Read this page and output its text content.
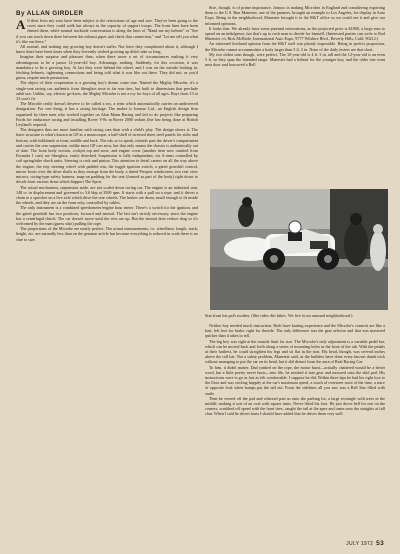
By ALLAN GIRDLER

All their lives my sons have been subject to the restrictions of age and size. They've been going to the races since they could walk but always in the capacity of support troops. The front lines have been denied them, while normal trackside conversation is along the lines of "Hand me my helmet" or "See if you can reach down there between the exhaust pipes and check that connection," and "Let me tell you what it's like out there."

All normal, and nothing any growing boy doesn't suffer. Nor have they complained about it, although I know there have been times when they fervently wished growing up didn't take so long.

Imagine their surprise and pleasure then, when there arose a set of circumstances making it very advantageous to be a junior 12-year-old boy. Advantage, nothing. Suddenly, for this occasion, it was mandatory to be a growing boy. At last they were behind the wheel, and I was on the outside looking in, fetching helmets, tightening connections and being told what it was like out there. They did not, as you'd guess, require much persuasion.

The object of their cooperation is a growing boy's dream come true. Named the Mighty Microbe, it's a single-seat racing car, authentic from fiberglass nose to fat rear tires, but built to dimensions that preclude adult use. Unlike, say, electric go-karts, the Mighty Microbe is not a toy for boys of all ages. Boys from 13 to 33 won't fit.

The Microbe really doesn't deserve to be called a toy, a term which automatically carries an undeserved denigration. For one thing, it has a racing heritage. The maker is Jomoro Ltd., an English design firm organized by three men who worked together on Alan Mann Racing and left to do projects like preparing Fords for endurance racing and installing Rover V-8s in Rover 2000 sedans (the last being done at British Leyland's request).

The designers thus are more familiar with racing cars than with a child's play. The design shows it. The basic structure is what's known in GP as a monocoque, a half-shell of stressed sheet steel panels for sides and bottom, with bulkheads at front, middle and back. The tub, so to speak, extends past the driver's compartment and carries the rear suspension, unlike most GP cars now, but that only means the chassis is authentically out of date. The front body section, cockpit top and nose, and engine cover (another item now omitted from Formula 1 cars) are fiberglass, easily detached. Suspension is fully independent, via A-arms controlled by coil spring/tube shock units. Steering is rack and pinion. This attention to detail carries on all the way above the engine: the tiny steering wheel with padded rim, the toggle ignition switch, a gated gearshift control, mirror boots over the drive shafts as they emerge from the body, a tinted Perspex windscreen, two rear view mirrors, racing-type safety harness; snap-on padding for the seat (formed as part of the body) right down to decals from various firms which Support The Sport.

The actual mechanism, suspension aside, are not scaled down racing car. The engine is an industrial unit, 148 cc in displacement and governed to 3.6 bhp at 3500 rpm. It starts with a pull on a rope, and it drives a chain to a sprocket on a live axle which drive the rear wheels. The brakes are drum, small enough to fit inside the wheels, and they are on the front only, controlled by cables.

The only instrument is a combined speedometer/engine hour meter. There's a switch for the ignition, and the gated gearshift has two positions, forward and neutral. The last isn't strictly necessary, since the engine has a centrifugal clutch. The car doesn't move until the revs are up. But the neutral does reduce drag so it's welcomed by the man (guess who) pulling the rope.

The proportions of the Microbe are nearly perfect. The actual measurements, i.e. wheelbase, length, track, height, etc. are naturally less than on the genuine article but because everything is reduced in scale there is no clue to size.

Size, though, is of prime importance. Jomoro is making Microbes in England and considering exporting them to the U.S. Ron Manester, one of the partners, brought an example to Los Angeles, for display in Auto Expo. Being in the neighborhood, Manester brought it to the R&T office so we could see it and give our informed opinions.

It looks fine. We already have some parental reservations, as the projected price is $1800, a large sum to spend on an indulgence, but that's up to each man to decide for himself. (Interested parties can write to Rod Manester c/o Rick McBride, International Auto Expo, 9777 Wilshire Blvd., Beverly Hills, Calif. 90212.)

An informed firsthand opinion from the R&T staff was plainly impossible. Being in perfect proportion, the Microbe cannot accommodate a body larger than 5 ft. 3 in. None of the daily testers are that short.

My two oldest sons though, were perfect. The 10-year-old is 4 ft. 3 in. tall and the 12-year-old is an even 5 ft. so they span the intended range. Manester had a helmet for the younger boy, and the older one went next door and borrowed a Bell

Star from his pal's mother. (She rides dirt bikes. We live in an unusual neighborhood.)

Neither boy needed much instruction. Both have karting experience and the Microbe's controls are like a kart, left foot for brake, right for throttle. The only difference was the gear selector and that was mastered quicker than it takes to tell.

The big boy was right at the outside limit for size. The Microbe's only adjustment is a variable pedal bar, which can be moved back and forth along a series of mounting holes in the front of the tub. With the pedals at their farthest, he could straighten his legs and sit flat in the seat. His head, though, was several inches above the roll bar. Not a safety problem, Manester said, as the builders have done every known dumb trick without managing to put the car on its head, but it did detract from the aura of Real Racing Car.

To him, it didn't matter. Dad yanked on the rope, the motor burst—actually chattered would be a better word, but a little poetry never hurts—into life, he snicked it into gear and motored onto the skid pad. His instructions were to go as fast as felt comfortable. I suppose he did. Within three laps he had his right foot to the floor and was circling happily at the car's maximum speed, a touch of oversteer most of the time, a trace of opposite lock when bumps put the tail out. From the sidelines all you saw was a Bell Star filled with smile.

Then he veered off the pad and whizzed past us onto the parking lot, a large rectangle with trees in the middle, making it sort of an oval with square turns. Never lifted his foot. He just drove hell for one on the corners, scrubbed off speed with the front tires, caught the tail at the apex and came onto the straights at full chat. When I said he drives karts I should have added that he drives them very well.

JULY 1972 53
